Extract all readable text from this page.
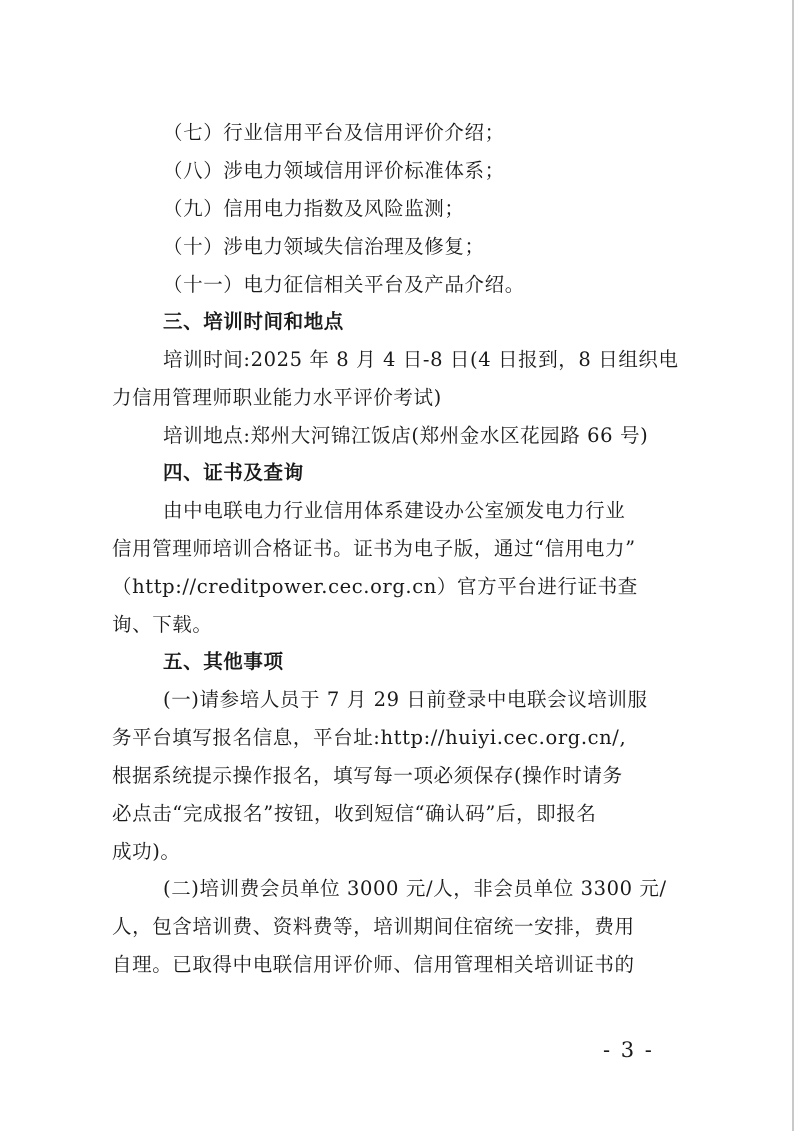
（七）行业信用平台及信用评价介绍；
（八）涉电力领域信用评价标准体系；
（九）信用电力指数及风险监测；
（十）涉电力领域失信治理及修复；
（十一）电力征信相关平台及产品介绍。
三、培训时间和地点
培训时间:2025 年 8 月 4 日-8 日(4 日报到，8 日组织电
力信用管理师职业能力水平评价考试)
培训地点:郑州大河锦江饭店(郑州金水区花园路 66 号)
四、证书及查询
由中电联电力行业信用体系建设办公室颁发电力行业
信用管理师培训合格证书。证书为电子版，通过“信用电力”
（http://creditpower.cec.org.cn）官方平台进行证书查
询、下载。
五、其他事项
(一)请参培人员于 7 月 29 日前登录中电联会议培训服
务平台填写报名信息，平台址:http://huiyi.cec.org.cn/,
根据系统提示操作报名，填写每一项必须保存(操作时请务
必点击“完成报名”按钮，收到短信“确认码”后，即报名
成功)。
(二)培训费会员单位 3000 元/人，非会员单位 3300 元/
人，包含培训费、资料费等，培训期间住宿统一安排，费用
自理。已取得中电联信用评价师、信用管理相关培训证书的
- 3 -
